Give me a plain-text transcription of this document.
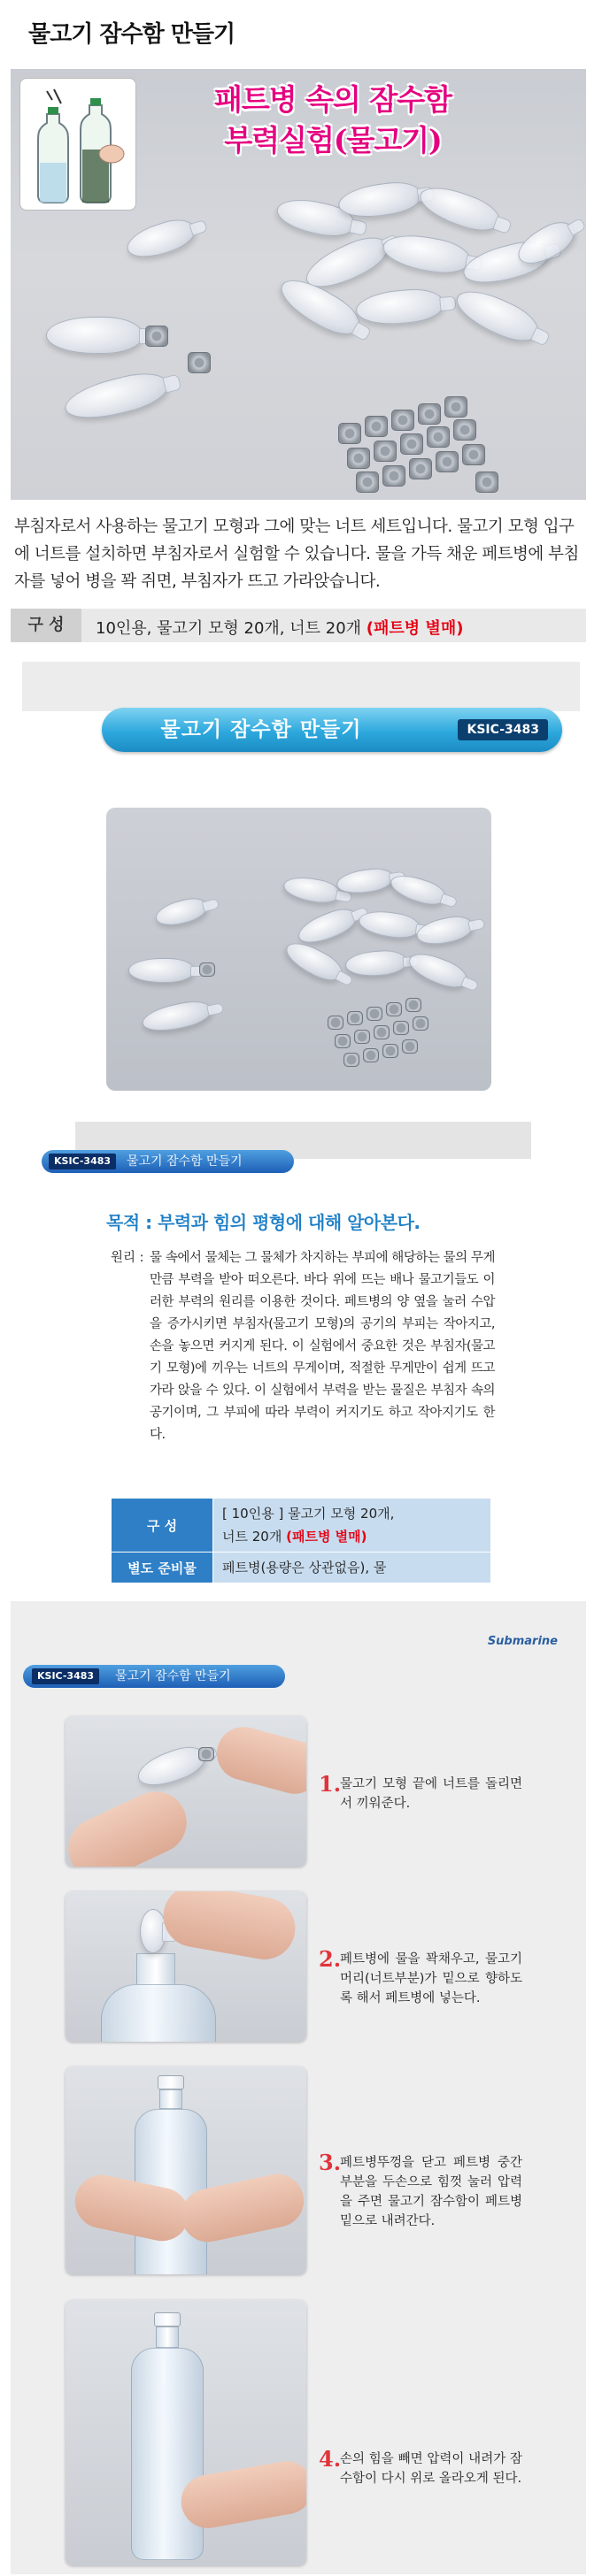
물고기 잠수함 만들기
패트병 속의 잠수함
부력실험(물고기)
부침자로서 사용하는 물고기 모형과 그에 맞는 너트 세트입니다. 물고기 모형 입구에 너트를 설치하면 부침자로서 실험할 수 있습니다. 물을 가득 채운 페트병에 부침자를 넣어 병을 꽉 쥐면, 부침자가 뜨고 가라앉습니다.
구 성	10인용, 물고기 모형 20개, 너트 20개 (패트병 별매)
물고기 잠수함 만들기	KSIC-3483
KSIC-3483	물고기 잠수함 만들기
목적 : 부력과 힘의 평형에 대해 알아본다.
원리 : 물 속에서 물체는 그 물체가 차지하는 부피에 해당하는 물의 무게만큼 부력을 받아 떠오른다. 바다 위에 뜨는 배나 물고기들도 이러한 부력의 원리를 이용한 것이다. 페트병의 양 옆을 눌러 수압을 증가시키면 부침자(물고기 모형)의 공기의 부피는 작아지고, 손을 놓으면 커지게 된다. 이 실험에서 중요한 것은 부침자(물고기 모형)에 끼우는 너트의 무게이며, 적절한 무게만이 쉽게 뜨고 가라 앉을 수 있다. 이 실험에서 부력을 받는 물질은 부침자 속의 공기이며, 그 부피에 따라 부력이 커지기도 하고 작아지기도 한다.
구 성	[ 10인용 ] 물고기 모형 20개,
너트 20개 (패트병 별매)

별도 준비물	페트병(용량은 상관없음), 물
Submarine
KSIC-3483	물고기 잠수함 만들기
1.
물고기 모형 끝에 너트를 돌리면서 끼워준다.
2.
페트병에 물을 꽉채우고, 물고기 머리(너트부분)가 밑으로 향하도록 해서 페트병에 넣는다.
3.
페트병뚜껑을 닫고 페트병 중간부분을 두손으로 힘껏 눌러 압력을 주면 물고기 잠수함이 페트병 밑으로 내려간다.
4.
손의 힘을 빼면 압력이 내려가 잠수함이 다시 위로 올라오게 된다.
